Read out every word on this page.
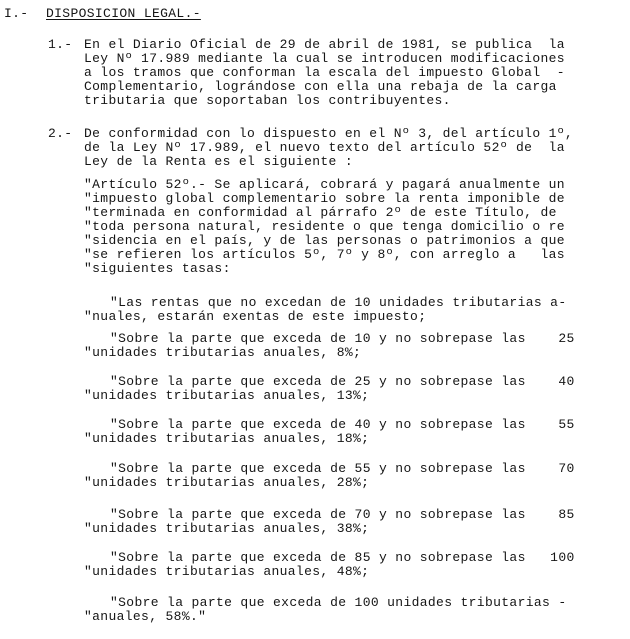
I.- DISPOSICION LEGAL.-
1.- En el Diario Oficial de 29 de abril de 1981, se publica  la
Ley Nº 17.989 mediante la cual se introducen modificaciones
a los tramos que conforman la escala del impuesto Global  -
Complementario, lográndose con ella una rebaja de la carga
tributaria que soportaban los contribuyentes.
2.- De conformidad con lo dispuesto en el Nº 3, del artículo 1º,
de la Ley Nº 17.989, el nuevo texto del artículo 52º de  la
Ley de la Renta es el siguiente :
"Artículo 52º.- Se aplicará, cobrará y pagará anualmente un
"impuesto global complementario sobre la renta imponible de
"terminada en conformidad al párrafo 2º de este Título, de
"toda persona natural, residente o que tenga domicilio o re
"sidencia en el país, y de las personas o patrimonios a que
"se refieren los artículos 5º, 7º y 8º, con arreglo a   las
"siguientes tasas:
"Las rentas que no excedan de 10 unidades tributarias a-
"nuales, estarán exentas de este impuesto;
"Sobre la parte que exceda de 10 y no sobrepase las    25
"unidades tributarias anuales, 8%;
"Sobre la parte que exceda de 25 y no sobrepase las    40
"unidades tributarias anuales, 13%;
"Sobre la parte que exceda de 40 y no sobrepase las    55
"unidades tributarias anuales, 18%;
"Sobre la parte que exceda de 55 y no sobrepase las    70
"unidades tributarias anuales, 28%;
"Sobre la parte que exceda de 70 y no sobrepase las    85
"unidades tributarias anuales, 38%;
"Sobre la parte que exceda de 85 y no sobrepase las   100
"unidades tributarias anuales, 48%;
"Sobre la parte que exceda de 100 unidades tributarias -
"anuales, 58%."
